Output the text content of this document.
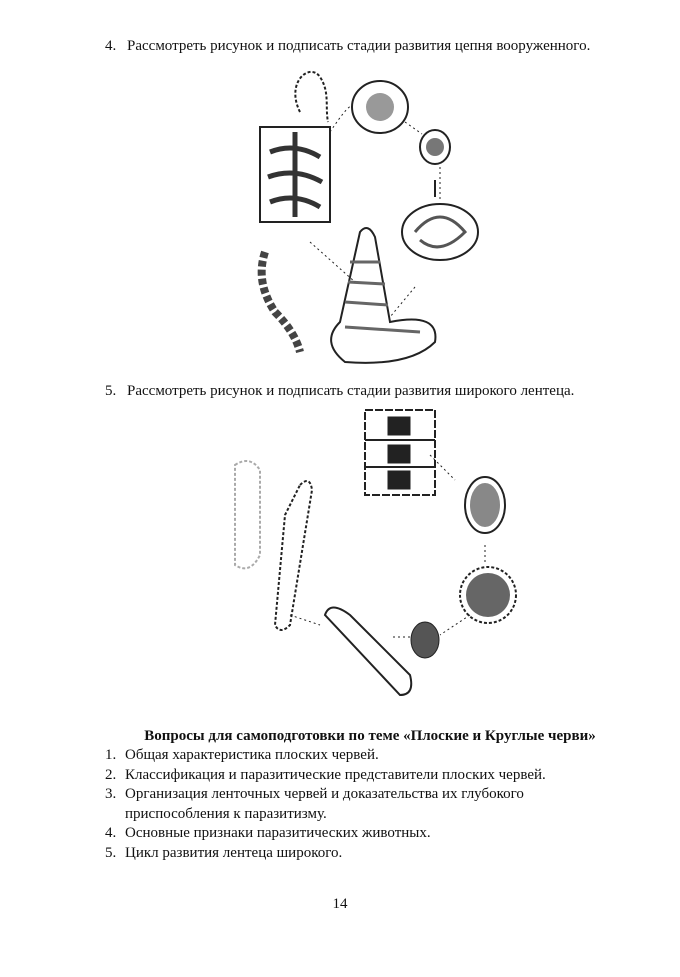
4. Рассмотреть рисунок и подписать стадии развития цепня вооруженного.
5. Рассмотреть рисунок и подписать стадии развития широкого лентеца.
Вопросы для самоподготовки по теме «Плоские и Круглые черви»
1. Общая характеристика плоских червей.
2. Классификация и паразитические представители плоских червей.
3. Организация ленточных червей и доказательства их глубокого
приспособления к паразитизму.
4. Основные признаки паразитических животных.
5. Цикл развития лентеца широкого.
14
